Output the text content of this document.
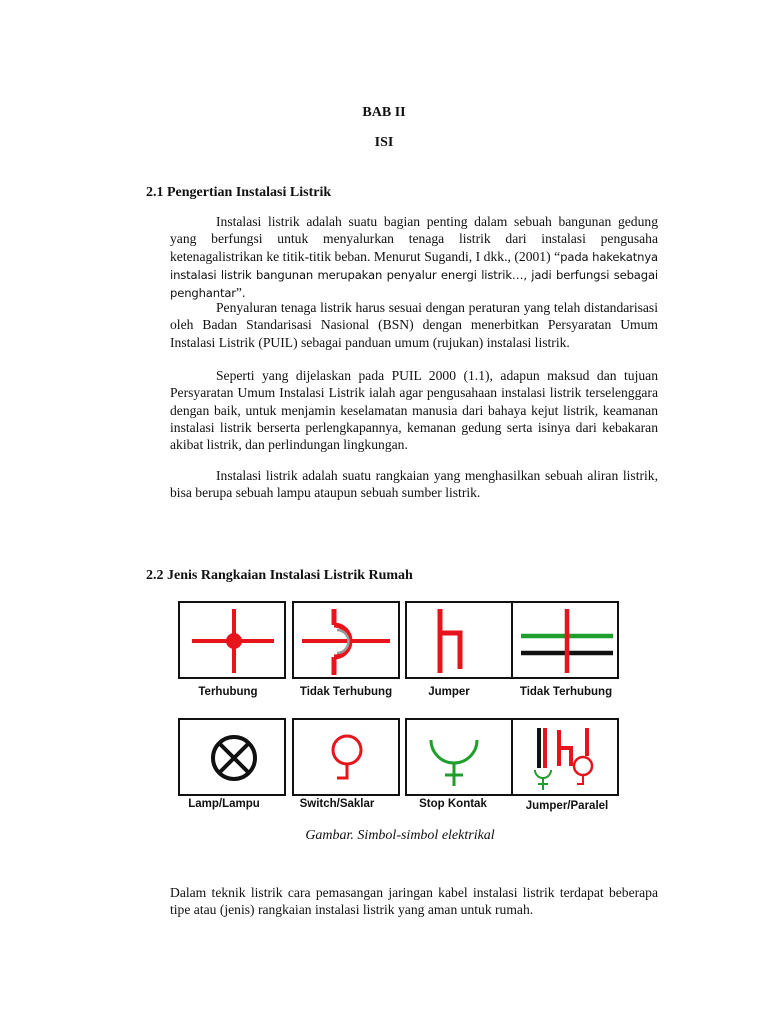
BAB II
ISI
2.1 Pengertian Instalasi Listrik

Instalasi listrik adalah suatu bagian penting dalam sebuah bangunan gedung yang berfungsi untuk menyalurkan tenaga listrik dari instalasi pengusaha ketenagalistrikan ke titik-titik beban. Menurut Sugandi, I dkk., (2001) “pada hakekatnya instalasi listrik bangunan merupakan penyalur energi listrik…, jadi berfungsi sebagai penghantar”.

Penyaluran tenaga listrik harus sesuai dengan peraturan yang telah distandarisasi oleh Badan Standarisasi Nasional (BSN) dengan menerbitkan Persyaratan Umum Instalasi Listrik (PUIL) sebagai panduan umum (rujukan) instalasi listrik.

Seperti yang dijelaskan pada PUIL 2000 (1.1), adapun maksud dan tujuan Persyaratan Umum Instalasi Listrik ialah agar pengusahaan instalasi listrik terselenggara dengan baik, untuk menjamin keselamatan manusia dari bahaya kejut listrik, keamanan instalasi listrik berserta perlengkapannya, kemanan gedung serta isinya dari kebakaran akibat listrik, dan perlindungan lingkungan.

Instalasi listrik adalah suatu rangkaian yang menghasilkan sebuah aliran listrik, bisa berupa sebuah lampu ataupun sebuah sumber listrik.

2.2 Jenis Rangkaian Instalasi Listrik Rumah
Terhubung	Tidak Terhubung	Jumper	Tidak Terhubung
Lamp/Lampu	Switch/Saklar	Stop Kontak	Jumper/Paralel
Gambar. Simbol-simbol elektrikal

Dalam teknik listrik cara pemasangan jaringan kabel instalasi listrik terdapat beberapa tipe atau (jenis) rangkaian instalasi listrik yang aman untuk rumah.
